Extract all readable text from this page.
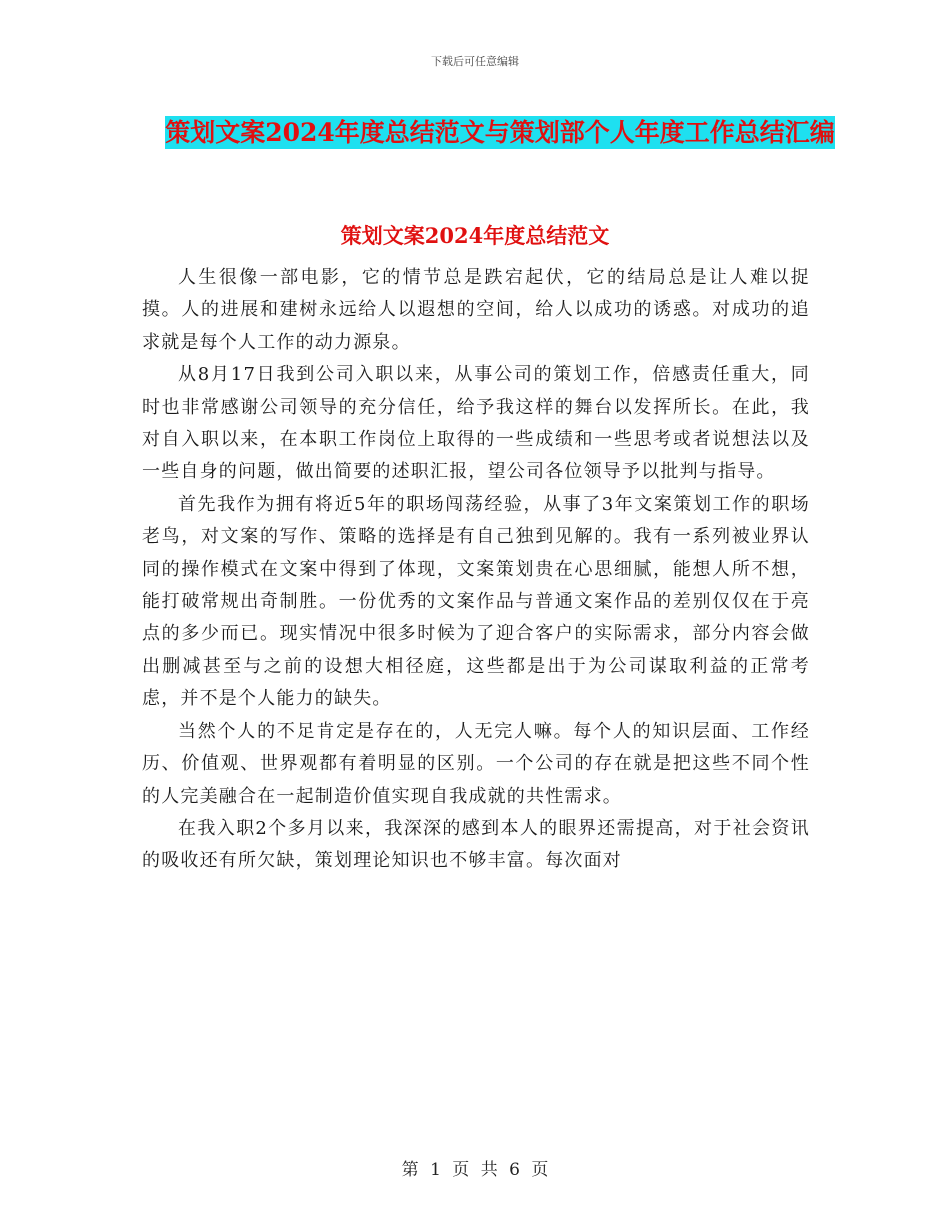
下载后可任意编辑
策划文案2024年度总结范文与策划部个人年度工作总结汇编
策划文案2024年度总结范文

人生很像一部电影，它的情节总是跌宕起伏，它的结局总是让人难以捉摸。人的进展和建树永远给人以遐想的空间，给人以成功的诱惑。对成功的追求就是每个人工作的动力源泉。

从8月17日我到公司入职以来，从事公司的策划工作，倍感责任重大，同时也非常感谢公司领导的充分信任，给予我这样的舞台以发挥所长。在此，我对自入职以来，在本职工作岗位上取得的一些成绩和一些思考或者说想法以及一些自身的问题，做出简要的述职汇报，望公司各位领导予以批判与指导。

首先我作为拥有将近5年的职场闯荡经验，从事了3年文案策划工作的职场老鸟，对文案的写作、策略的选择是有自己独到见解的。我有一系列被业界认同的操作模式在文案中得到了体现，文案策划贵在心思细腻，能想人所不想，能打破常规出奇制胜。一份优秀的文案作品与普通文案作品的差别仅仅在于亮点的多少而已。现实情况中很多时候为了迎合客户的实际需求，部分内容会做出删减甚至与之前的设想大相径庭，这些都是出于为公司谋取利益的正常考虑，并不是个人能力的缺失。

当然个人的不足肯定是存在的，人无完人嘛。每个人的知识层面、工作经历、价值观、世界观都有着明显的区别。一个公司的存在就是把这些不同个性的人完美融合在一起制造价值实现自我成就的共性需求。

在我入职2个多月以来，我深深的感到本人的眼界还需提高，对于社会资讯的吸收还有所欠缺，策划理论知识也不够丰富。每次面对

第 1 页 共 6 页
